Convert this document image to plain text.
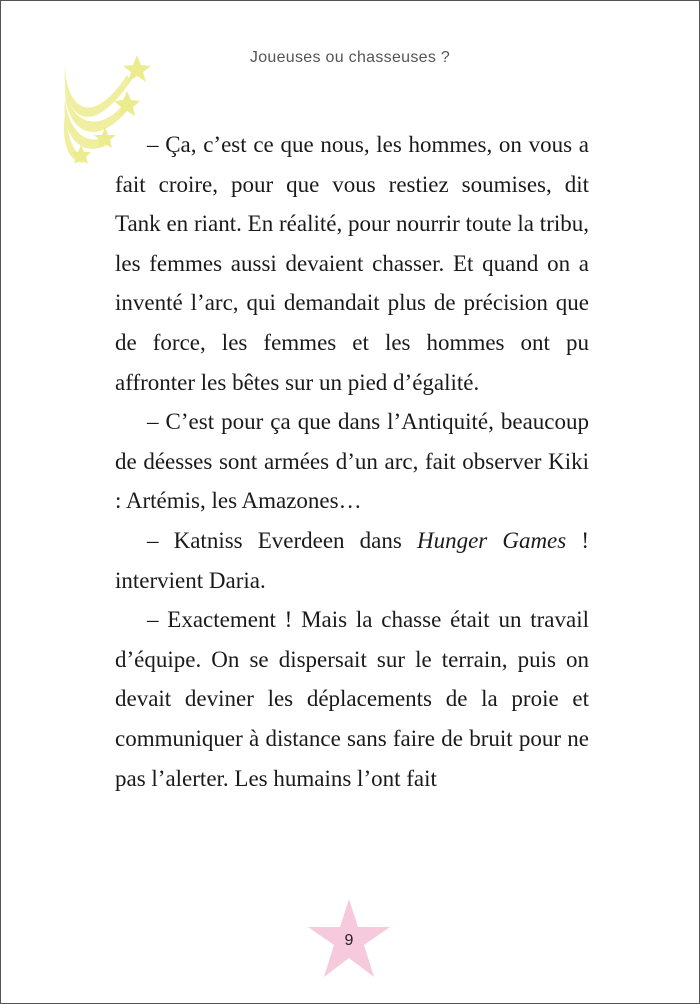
Joueuses ou chasseuses ?

– Ça, c’est ce que nous, les hommes, on vous a fait croire, pour que vous restiez soumises, dit Tank en riant. En réalité, pour nourrir toute la tribu, les femmes aussi devaient chasser. Et quand on a inventé l’arc, qui demandait plus de précision que de force, les femmes et les hommes ont pu affronter les bêtes sur un pied d’égalité.

– C’est pour ça que dans l’Antiquité, beaucoup de déesses sont armées d’un arc, fait observer Kiki : Artémis, les Amazones…

– Katniss Everdeen dans Hunger Games ! intervient Daria.

– Exactement ! Mais la chasse était un travail d’équipe. On se dispersait sur le terrain, puis on devait deviner les déplacements de la proie et communiquer à distance sans faire de bruit pour ne pas l’alerter. Les humains l’ont fait

9
